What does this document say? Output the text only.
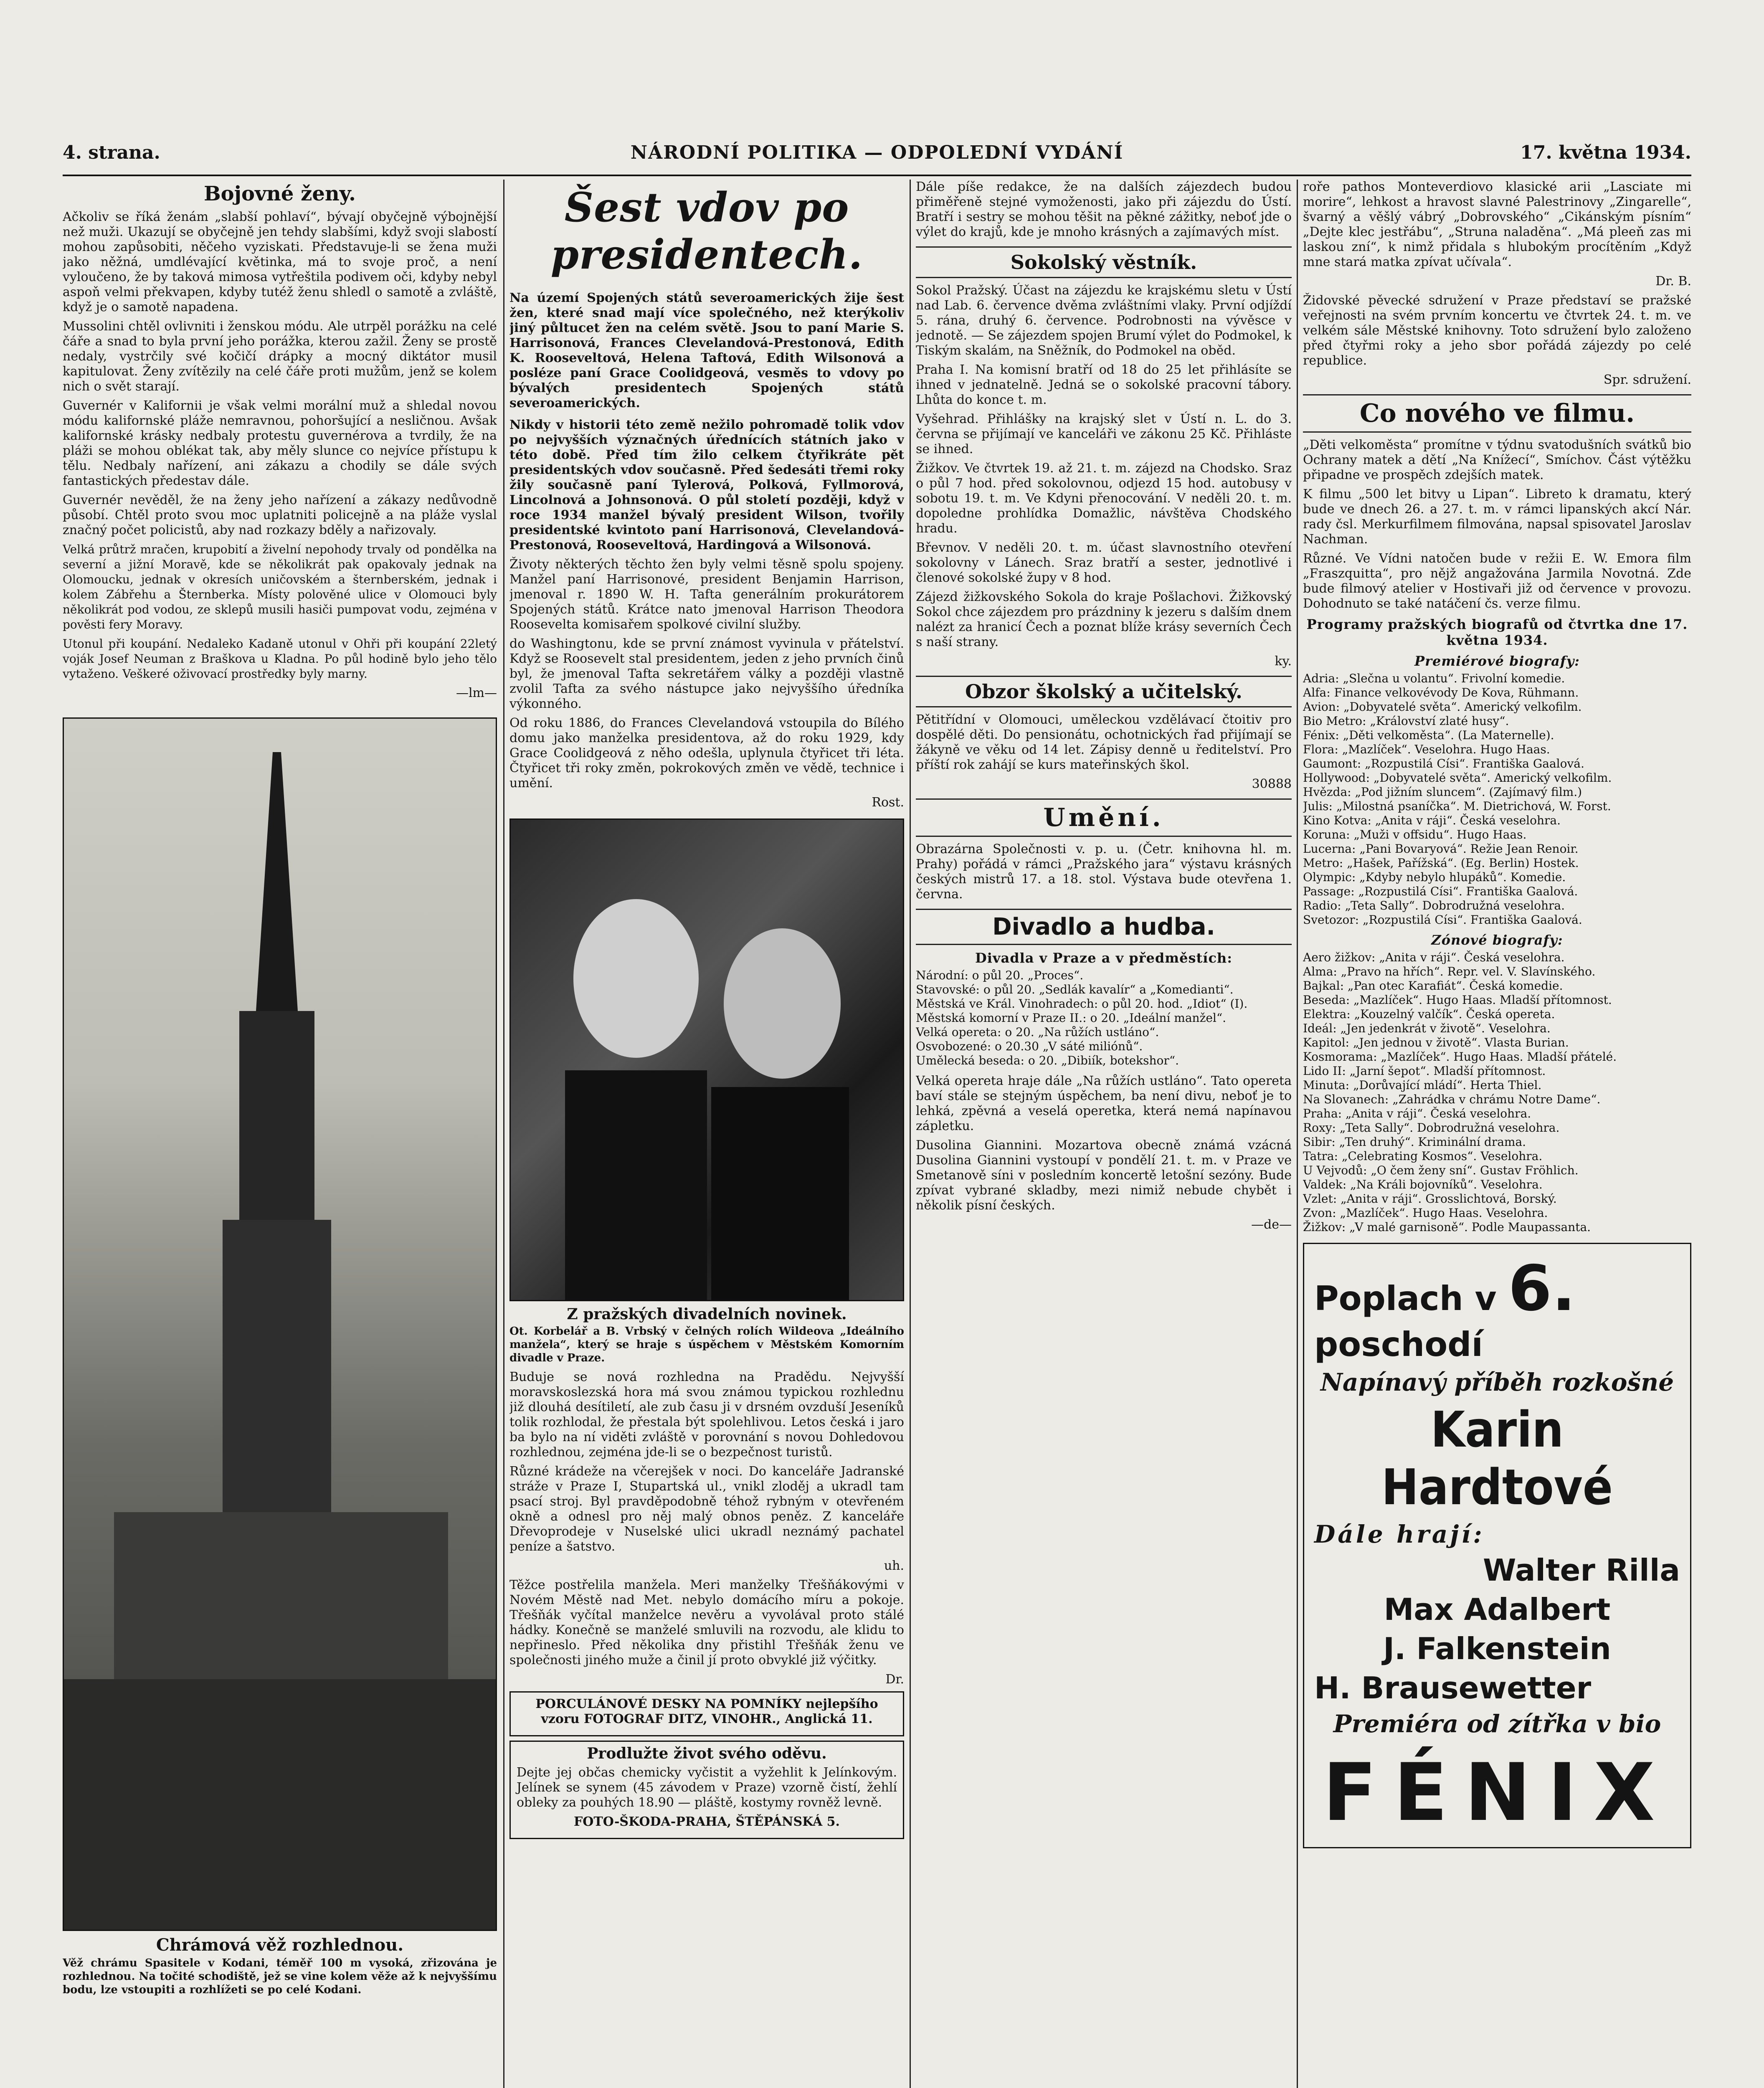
4. strana.	NÁRODNÍ POLITIKA — ODPOLEDNÍ VYDÁNÍ	17. května 1934.
Bojovné ženy.

Ačkoliv se říká ženám „slabší pohlaví“, bývají obyčejně výbojnější než muži. Ukazují se obyčejně jen tehdy slabšími, když svoji slabostí mohou zapůsobiti, něčeho vyziskati. Představuje-li se žena muži jako něžná, umdlévající květinka, má to svoje proč, a není vyloučeno, že by taková mimosa vytřeštila podivem oči, kdyby nebyl aspoň velmi překvapen, kdyby tutéž ženu shledl o samotě a zvláště, když je o samotě napadena.

Mussolini chtěl ovlivniti i ženskou módu. Ale utrpěl porážku na celé čáře a snad to byla první jeho porážka, kterou zažil. Ženy se prostě nedaly, vystrčily své kočičí drápky a mocný diktátor musil kapitulovat. Ženy zvítězily na celé čáře proti mužům, jenž se kolem nich o svět starají.

Guvernér v Kalifornii je však velmi morální muž a shledal novou módu kalifornské pláže nemravnou, pohoršující a nesličnou. Avšak kalifornské krásky nedbaly protestu guvernérova a tvrdily, že na pláži se mohou oblékat tak, aby měly slunce co nejvíce přístupu k tělu. Nedbaly nařízení, ani zákazu a chodily se dále svých fantastických předestav dále.

Guvernér nevěděl, že na ženy jeho nařízení a zákazy nedůvodně působí. Chtěl proto svou moc uplatniti policejně a na pláže vyslal značný počet policistů, aby nad rozkazy bděly a nařizovaly.

Velká průtrž mračen, krupobití a živelní nepohody trvaly od pondělka na severní a jižní Moravě, kde se několikrát pak opakovaly jednak na Olomoucku, jednak v okresích uničovském a šternberském, jednak i kolem Zábřehu a Šternberka. Místy polověné ulice v Olomouci byly několikrát pod vodou, ze sklepů musili hasiči pumpovat vodu, zejména v pověsti fery Moravy.

Utonul při koupání. Nedaleko Kadaně utonul v Ohři při koupání 22letý voják Josef Neuman z Braškova u Kladna. Po půl hodině bylo jeho tělo vytaženo. Veškeré oživovací prostředky byly marny.

—lm—

Chrámová věž rozhlednou.

Věž chrámu Spasitele v Kodani, téměř 100 m vysoká, zřizována je rozhlednou. Na točité schodiště, jež se vine kolem věže až k nejvyššímu bodu, lze vstoupiti a rozhlížeti se po celé Kodani.

Šest vdov po presidentech.

Na území Spojených států severoamerických žije šest žen, které snad mají více společného, než kterýkoliv jiný půltucet žen na celém světě. Jsou to paní Marie S. Harrisonová, Frances Clevelandová-Prestonová, Edith K. Rooseveltová, Helena Taftová, Edith Wilsonová a posléze paní Grace Coolidgeová, vesměs to vdovy po bývalých presidentech Spojených států severoamerických.

Nikdy v historii této země nežilo pohromadě tolik vdov po nejvyšších význačných úřednících státních jako v této době. Před tím žilo celkem čtyřikráte pět presidentských vdov současně. Před šedesáti třemi roky žily současně paní Tylerová, Polková, Fyllmorová, Lincolnová a Johnsonová. O půl století později, když v roce 1934 manžel bývalý president Wilson, tvořily presidentské kvintoto paní Harrisonová, Clevelandová-Prestonová, Rooseveltová, Hardingová a Wilsonová.

Životy některých těchto žen byly velmi těsně spolu spojeny. Manžel paní Harrisonové, president Benjamin Harrison, jmenoval r. 1890 W. H. Tafta generálním prokurátorem Spojených států. Krátce nato jmenoval Harrison Theodora Roosevelta komisařem spolkové civilní služby.

do Washingtonu, kde se první známost vyvinula v přátelství. Když se Roosevelt stal presidentem, jeden z jeho prvních činů byl, že jmenoval Tafta sekretářem války a později vlastně zvolil Tafta za svého nástupce jako nejvyššího úředníka výkonného.

Od roku 1886, do Frances Clevelandová vstoupila do Bílého domu jako manželka presidentova, až do roku 1929, kdy Grace Coolidgeová z něho odešla, uplynula čtyřicet tři léta. Čtyřicet tři roky změn, pokrokových změn ve vědě, technice i umění.

Rost.

Z pražských divadelních novinek.

Ot. Korbelář a B. Vrbský v čelných rolích Wildeova „Ideálního manžela“, který se hraje s úspěchem v Městském Komorním divadle v Praze.

Buduje se nová rozhledna na Pradědu. Nejvyšší moravskoslezská hora má svou známou typickou rozhlednu již dlouhá desítiletí, ale zub času ji v drsném ovzduší Jeseníků tolik rozhlodal, že přestala být spolehlivou. Letos česká i jaro ba bylo na ní viděti zvláště v porovnání s novou Dohledovou rozhlednou, zejména jde-li se o bezpečnost turistů.

Různé krádeže na včerejšek v noci. Do kanceláře Jadranské stráže v Praze I, Stupartská ul., vnikl zloděj a ukradl tam psací stroj. Byl pravděpodobně téhož rybným v otevřeném okně a odnesl pro něj malý obnos peněz. Z kanceláře Dřevoprodeje v Nuselské ulici ukradl neznámý pachatel peníze a šatstvo.

uh.

Těžce postřelila manžela. Meri manželky Třešňákovými v Novém Městě nad Met. nebylo domácího míru a pokoje. Třešňák vyčítal manželce nevěru a vyvolával proto stálé hádky. Konečně se manželé smluvili na rozvodu, ale klidu to nepřineslo. Před několika dny přistihl Třešňák ženu ve společnosti jiného muže a činil jí proto obvyklé již výčitky.

Dr.

PORCULÁNOVÉ DESKY NA POMNÍKY nejlepšího vzoru FOTOGRAF DITZ, VINOHR., Anglická 11.

Prodlužte život svého oděvu.

Dejte jej občas chemicky vyčistit a vyžehlit k Jelínkovým. Jelínek se synem (45 závodem v Praze) vzorně čistí, žehlí obleky za pouhých 18.90 — pláště, kostymy rovněž levně.

FOTO-ŠKODA-PRAHA, ŠTĚPÁNSKÁ 5.

Dále píše redakce, že na dalších zájezdech budou přiměřeně stejné vymoženosti, jako při zájezdu do Ústí. Bratří i sestry se mohou těšit na pěkné zážitky, neboť jde o výlet do krajů, kde je mnoho krásných a zajímavých míst.

Sokolský věstník.

Sokol Pražský. Účast na zájezdu ke krajskému sletu v Ústí nad Lab. 6. července dvěma zvláštními vlaky. První odjíždí 5. rána, druhý 6. července. Podrobnosti na vývěsce v jednotě. — Se zájezdem spojen Brumí výlet do Podmokel, k Tiským skalám, na Sněžník, do Podmokel na oběd.

Praha I. Na komisní bratří od 18 do 25 let přihlásíte se ihned v jednatelně. Jedná se o sokolské pracovní tábory. Lhůta do konce t. m.

Vyšehrad. Přihlášky na krajský slet v Ústí n. L. do 3. června se přijímají ve kanceláři ve zákonu 25 Kč. Přihláste se ihned.

Žižkov. Ve čtvrtek 19. až 21. t. m. zájezd na Chodsko. Sraz o půl 7 hod. před sokolovnou, odjezd 15 hod. autobusy v sobotu 19. t. m. Ve Kdyni přenocování. V neděli 20. t. m. dopoledne prohlídka Domažlic, návštěva Chodského hradu.

Břevnov. V neděli 20. t. m. účast slavnostního otevření sokolovny v Lánech. Sraz bratří a sester, jednotlivé i členové sokolské župy v 8 hod.

Zájezd žižkovského Sokola do kraje Pošlachovi. Žižkovský Sokol chce zájezdem pro prázdniny k jezeru s dalším dnem nalézt za hranicí Čech a poznat blíže krásy severních Čech s naší strany.

ky.

Obzor školský a učitelský.

Pětitřídní v Olomouci, uměleckou vzdělávací čtoitiv pro dospělé děti. Do pensionátu, ochotnických řad přijímají se žákyně ve věku od 14 let. Zápisy denně u ředitelství. Pro příští rok zahájí se kurs mateřinských škol.

30888

Umění.

Obrazárna Společnosti v. p. u. (Četr. knihovna hl. m. Prahy) pořádá v rámci „Pražského jara“ výstavu krásných českých mistrů 17. a 18. stol. Výstava bude otevřena 1. června.

Divadlo a hudba.
Divadla v Praze a v předměstích:

Národní: o půl 20. „Proces“.

Stavovské: o půl 20. „Sedlák kavalír“ a „Komedianti“.

Městská ve Král. Vinohradech: o půl 20. hod. „Idiot“ (I).

Městská komorní v Praze II.: o 20. „Ideální manžel“.

Velká opereta: o 20. „Na růžích ustláno“.

Osvobozené: o 20.30 „V sáté miliónů“.

Umělecká beseda: o 20. „Dibiík, botekshor“.

Velká opereta hraje dále „Na růžích ustláno“. Tato opereta baví stále se stejným úspěchem, ba není divu, neboť je to lehká, zpěvná a veselá operetka, která nemá napínavou zápletku.

Dusolina Giannini. Mozartova obecně známá vzácná Dusolina Giannini vystoupí v pondělí 21. t. m. v Praze ve Smetanově síni v posledním koncertě letošní sezóny. Bude zpívat vybrané skladby, mezi nimiž nebude chybět i několik písní českých.

—de—

roře pathos Monteverdiovo klasické arii „Lasciate mi morire“, lehkost a hravost slavné Palestrinovy „Zingarelle“, švarný a věšlý vábrý „Dobrovského“ „Cikánským písním“ „Dejte klec jestřábu“, „Struna naladěna“. „Má pleeň zas mi laskou zní“, k nimž přidala s hlubokým procítěním „Když mne stará matka zpívat učívala“.

Dr. B.

Židovské pěvecké sdružení v Praze představí se pražské veřejnosti na svém prvním koncertu ve čtvrtek 24. t. m. ve velkém sále Městské knihovny. Toto sdružení bylo založeno před čtyřmi roky a jeho sbor pořádá zájezdy po celé republice.

Spr. sdružení.

Co nového ve filmu.

„Děti velkoměsta“ promítne v týdnu svatodušních svátků bio Ochrany matek a dětí „Na Knížecí“, Smíchov. Část výtěžku připadne ve prospěch zdejších matek.

K filmu „500 let bitvy u Lipan“. Libreto k dramatu, který bude ve dnech 26. a 27. t. m. v rámci lipanských akcí Nár. rady čsl. Merkurfilmem filmována, napsal spisovatel Jaroslav Nachman.

Různé. Ve Vídni natočen bude v režii E. W. Emora film „Fraszquitta“, pro nějž angažována Jarmila Novotná. Zde bude filmový atelier v Hostivaři již od července v provozu. Dohodnuto se také natáčení čs. verze filmu.

Programy pražských biografů od čtvrtka dne 17. května 1934.
Premiérové biografy:

Adria: „Slečna u volantu“. Frivolní komedie.

Alfa: Finance velkovévody De Kova, Rühmann.

Avion: „Dobyvatelé světa“. Americký velkofilm.

Bio Metro: „Království zlaté husy“.

Fénix: „Děti velkoměsta“. (La Maternelle).

Flora: „Mazlíček“. Veselohra. Hugo Haas.

Gaumont: „Rozpustilá Císi“. Františka Gaalová.

Hollywood: „Dobyvatelé světa“. Americký velkofilm.

Hvězda: „Pod jižním sluncem“. (Zajímavý film.)

Julis: „Milostná psaníčka“. M. Dietrichová, W. Forst.

Kino Kotva: „Anita v ráji“. Česká veselohra.

Koruna: „Muži v offsidu“. Hugo Haas.

Lucerna: „Pani Bovaryová“. Režie Jean Renoir.

Metro: „Hašek, Pařížská“. (Eg. Berlin) Hostek.

Olympic: „Kdyby nebylo hlupáků“. Komedie.

Passage: „Rozpustilá Císi“. Františka Gaalová.

Radio: „Teta Sally“. Dobrodružná veselohra.

Svetozor: „Rozpustilá Císi“. Františka Gaalová.

Zónové biografy:

Aero žižkov: „Anita v ráji“. Česká veselohra.

Alma: „Pravo na hřích“. Repr. vel. V. Slavínského.

Bajkal: „Pan otec Karafiát“. Česká komedie.

Beseda: „Mazlíček“. Hugo Haas. Mladší přítomnost.

Elektra: „Kouzelný valčík“. Česká opereta.

Ideál: „Jen jedenkrát v životě“. Veselohra.

Kapitol: „Jen jednou v životě“. Vlasta Burian.

Kosmorama: „Mazlíček“. Hugo Haas. Mladší přátelé.

Lido II: „Jarní šepot“. Mladší přítomnost.

Minuta: „Dorůvající mládí“. Herta Thiel.

Na Slovanech: „Zahrádka v chrámu Notre Dame“.

Praha: „Anita v ráji“. Česká veselohra.

Roxy: „Teta Sally“. Dobrodružná veselohra.

Sibir: „Ten druhý“. Kriminální drama.

Tatra: „Celebrating Kosmos“. Veselohra.

U Vejvodů: „O čem ženy sní“. Gustav Fröhlich.

Valdek: „Na Králi bojovníků“. Veselohra.

Vzlet: „Anita v ráji“. Grosslichtová, Borský.

Zvon: „Mazlíček“. Hugo Haas. Veselohra.

Žižkov: „V malé garnisoně“. Podle Maupassanta.

Poplach v 6. poschodí
Napínavý příběh rozkošné
Karin Hardtové
Dále hrají:
Walter Rilla
Max Adalbert
J. Falkenstein
H. Brausewetter
Premiéra od zítřka v bio
FÉNIX
